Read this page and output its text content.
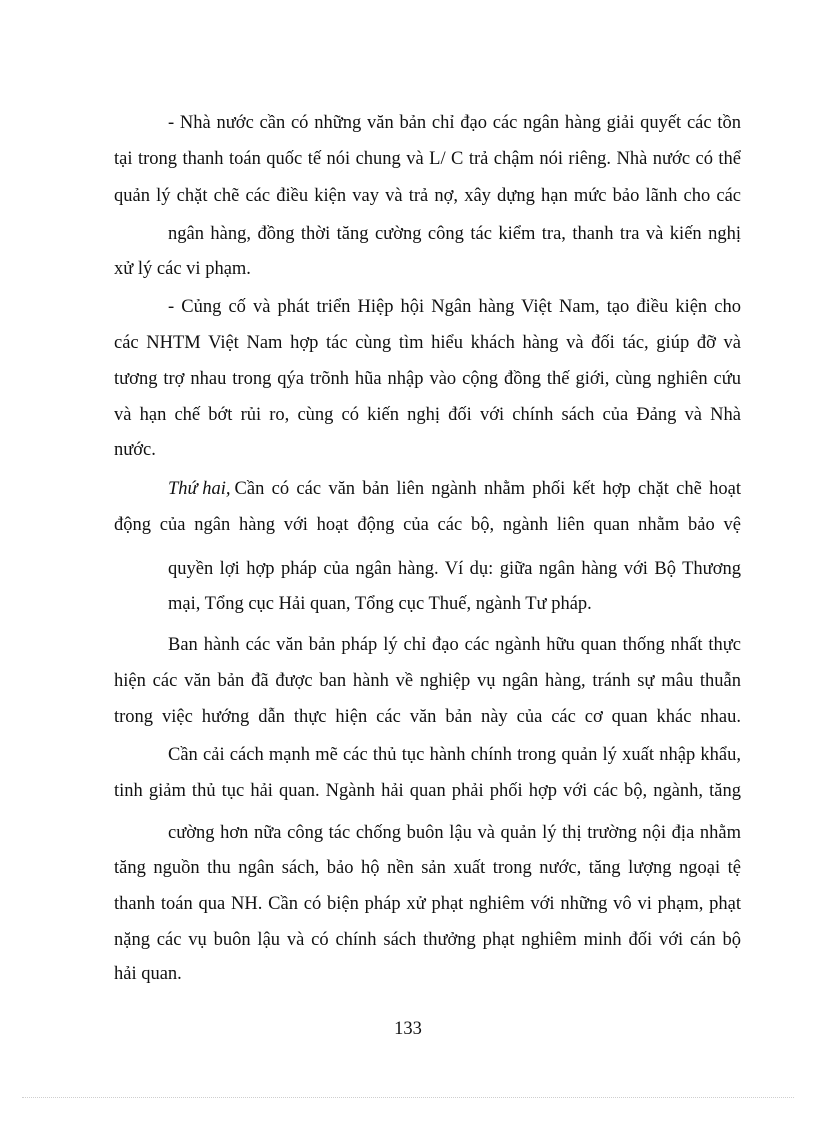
- Nhà nước cần có những văn bản chỉ đạo các ngân hàng giải quyết các tồn

tại trong thanh toán quốc tế nói chung và L/ C trả chậm nói riêng. Nhà nước có thể

quản lý chặt chẽ các điều kiện vay và trả nợ, xây dựng hạn mức bảo lãnh cho các

ngân hàng, đồng thời tăng cường công tác kiểm tra, thanh tra và kiến nghị

xử lý các vi phạm.

- Củng cố và phát triển Hiệp hội Ngân hàng Việt Nam, tạo điều kiện cho

các NHTM Việt Nam hợp tác cùng tìm hiểu khách hàng và đối tác, giúp đỡ và

tương trợ nhau trong qýa trõnh hũa nhập vào cộng đồng thế giới, cùng nghiên cứu

và hạn chế bớt rủi ro, cùng có kiến nghị đối với chính sách của Đảng và Nhà

nước.

Thứ hai, Cần có các văn bản liên ngành nhằm phối kết hợp chặt chẽ hoạt

động của ngân hàng với hoạt động của các bộ, ngành liên quan nhằm bảo vệ

quyền lợi hợp pháp của ngân hàng. Ví dụ: giữa ngân hàng với Bộ Thương

mại, Tổng cục Hải quan, Tổng cục Thuế, ngành Tư pháp.

Ban hành các văn bản pháp lý chỉ đạo các ngành hữu quan thống nhất thực

hiện các văn bản đã được ban hành về nghiệp vụ ngân hàng, tránh sự mâu thuẫn

trong việc hướng dẫn thực hiện các văn bản này của các cơ quan khác nhau.

Cần cải cách mạnh mẽ các thủ tục hành chính trong quản lý xuất nhập khẩu,

tinh giảm thủ tục hải quan. Ngành hải quan phải phối hợp với các bộ, ngành, tăng

cường hơn nữa công tác chống buôn lậu và quản lý thị trường nội địa nhằm

tăng nguồn thu ngân sách, bảo hộ nền sản xuất trong nước, tăng lượng ngoại tệ

thanh toán qua NH. Cần có biện pháp xử phạt nghiêm với những vô vi phạm, phạt

nặng các vụ buôn lậu và có chính sách thưởng phạt nghiêm minh đối với cán bộ

hải quan.

133
